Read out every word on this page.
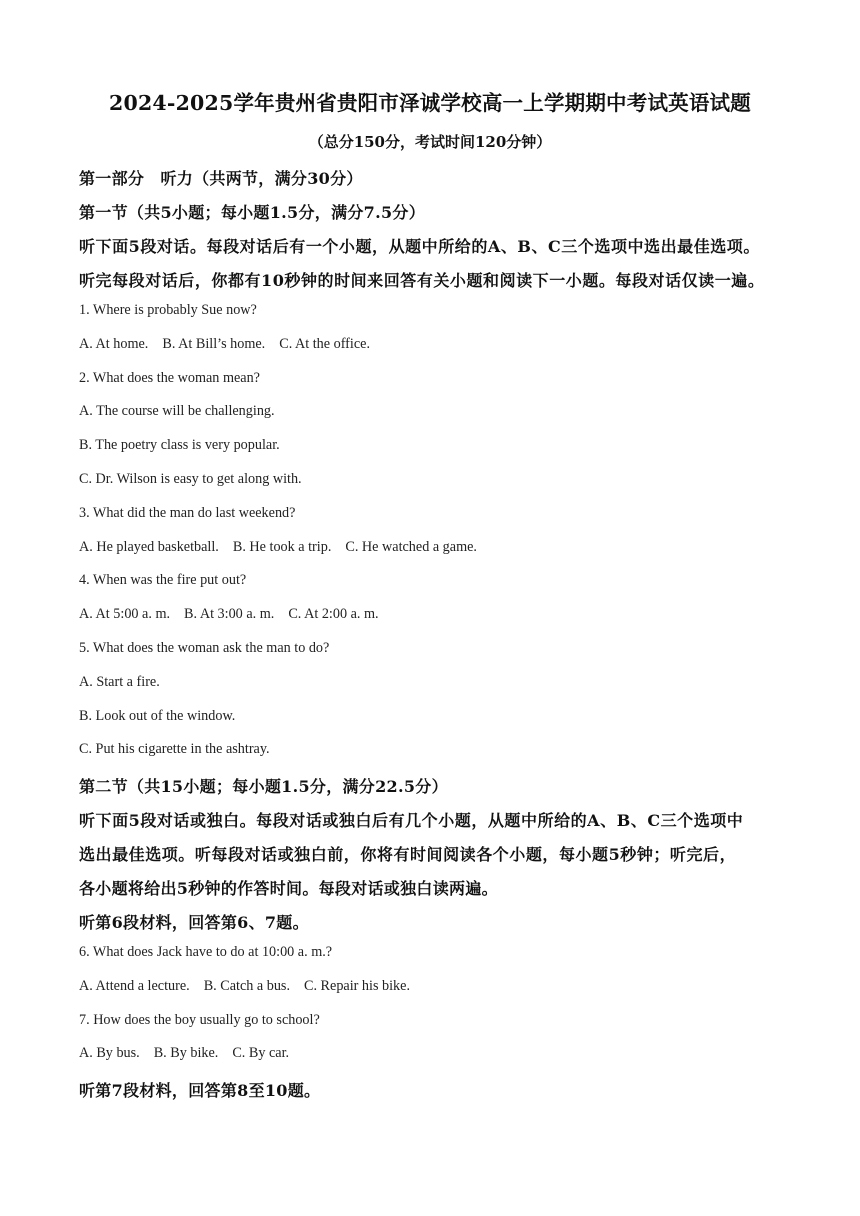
2024-2025学年贵州省贵阳市泽诚学校高一上学期期中考试英语试题
（总分150分，考试时间120分钟）
第一部分　听力（共两节，满分30分）
第一节（共5小题；每小题1.5分，满分7.5分）
听下面5段对话。每段对话后有一个小题，从题中所给的A、B、C三个选项中选出最佳选项。
听完每段对话后，你都有10秒钟的时间来回答有关小题和阅读下一小题。每段对话仅读一遍。
1. Where is probably Sue now?
A. At home. B. At Bill’s home. C. At the office.
2. What does the woman mean?
A. The course will be challenging.
B. The poetry class is very popular.
C. Dr. Wilson is easy to get along with.
3. What did the man do last weekend?
A. He played basketball. B. He took a trip. C. He watched a game.
4. When was the fire put out?
A. At 5:00 a. m. B. At 3:00 a. m. C. At 2:00 a. m.
5. What does the woman ask the man to do?
A. Start a fire.
B. Look out of the window.
C. Put his cigarette in the ashtray.
第二节（共15小题；每小题1.5分，满分22.5分）
听下面5段对话或独白。每段对话或独白后有几个小题，从题中所给的A、B、C三个选项中
选出最佳选项。听每段对话或独白前，你将有时间阅读各个小题，每小题5秒钟；听完后，
各小题将给出5秒钟的作答时间。每段对话或独白读两遍。
听第6段材料，回答第6、7题。
6. What does Jack have to do at 10:00 a. m.?
A. Attend a lecture. B. Catch a bus. C. Repair his bike.
7. How does the boy usually go to school?
A. By bus. B. By bike. C. By car.
听第7段材料，回答第8至10题。
